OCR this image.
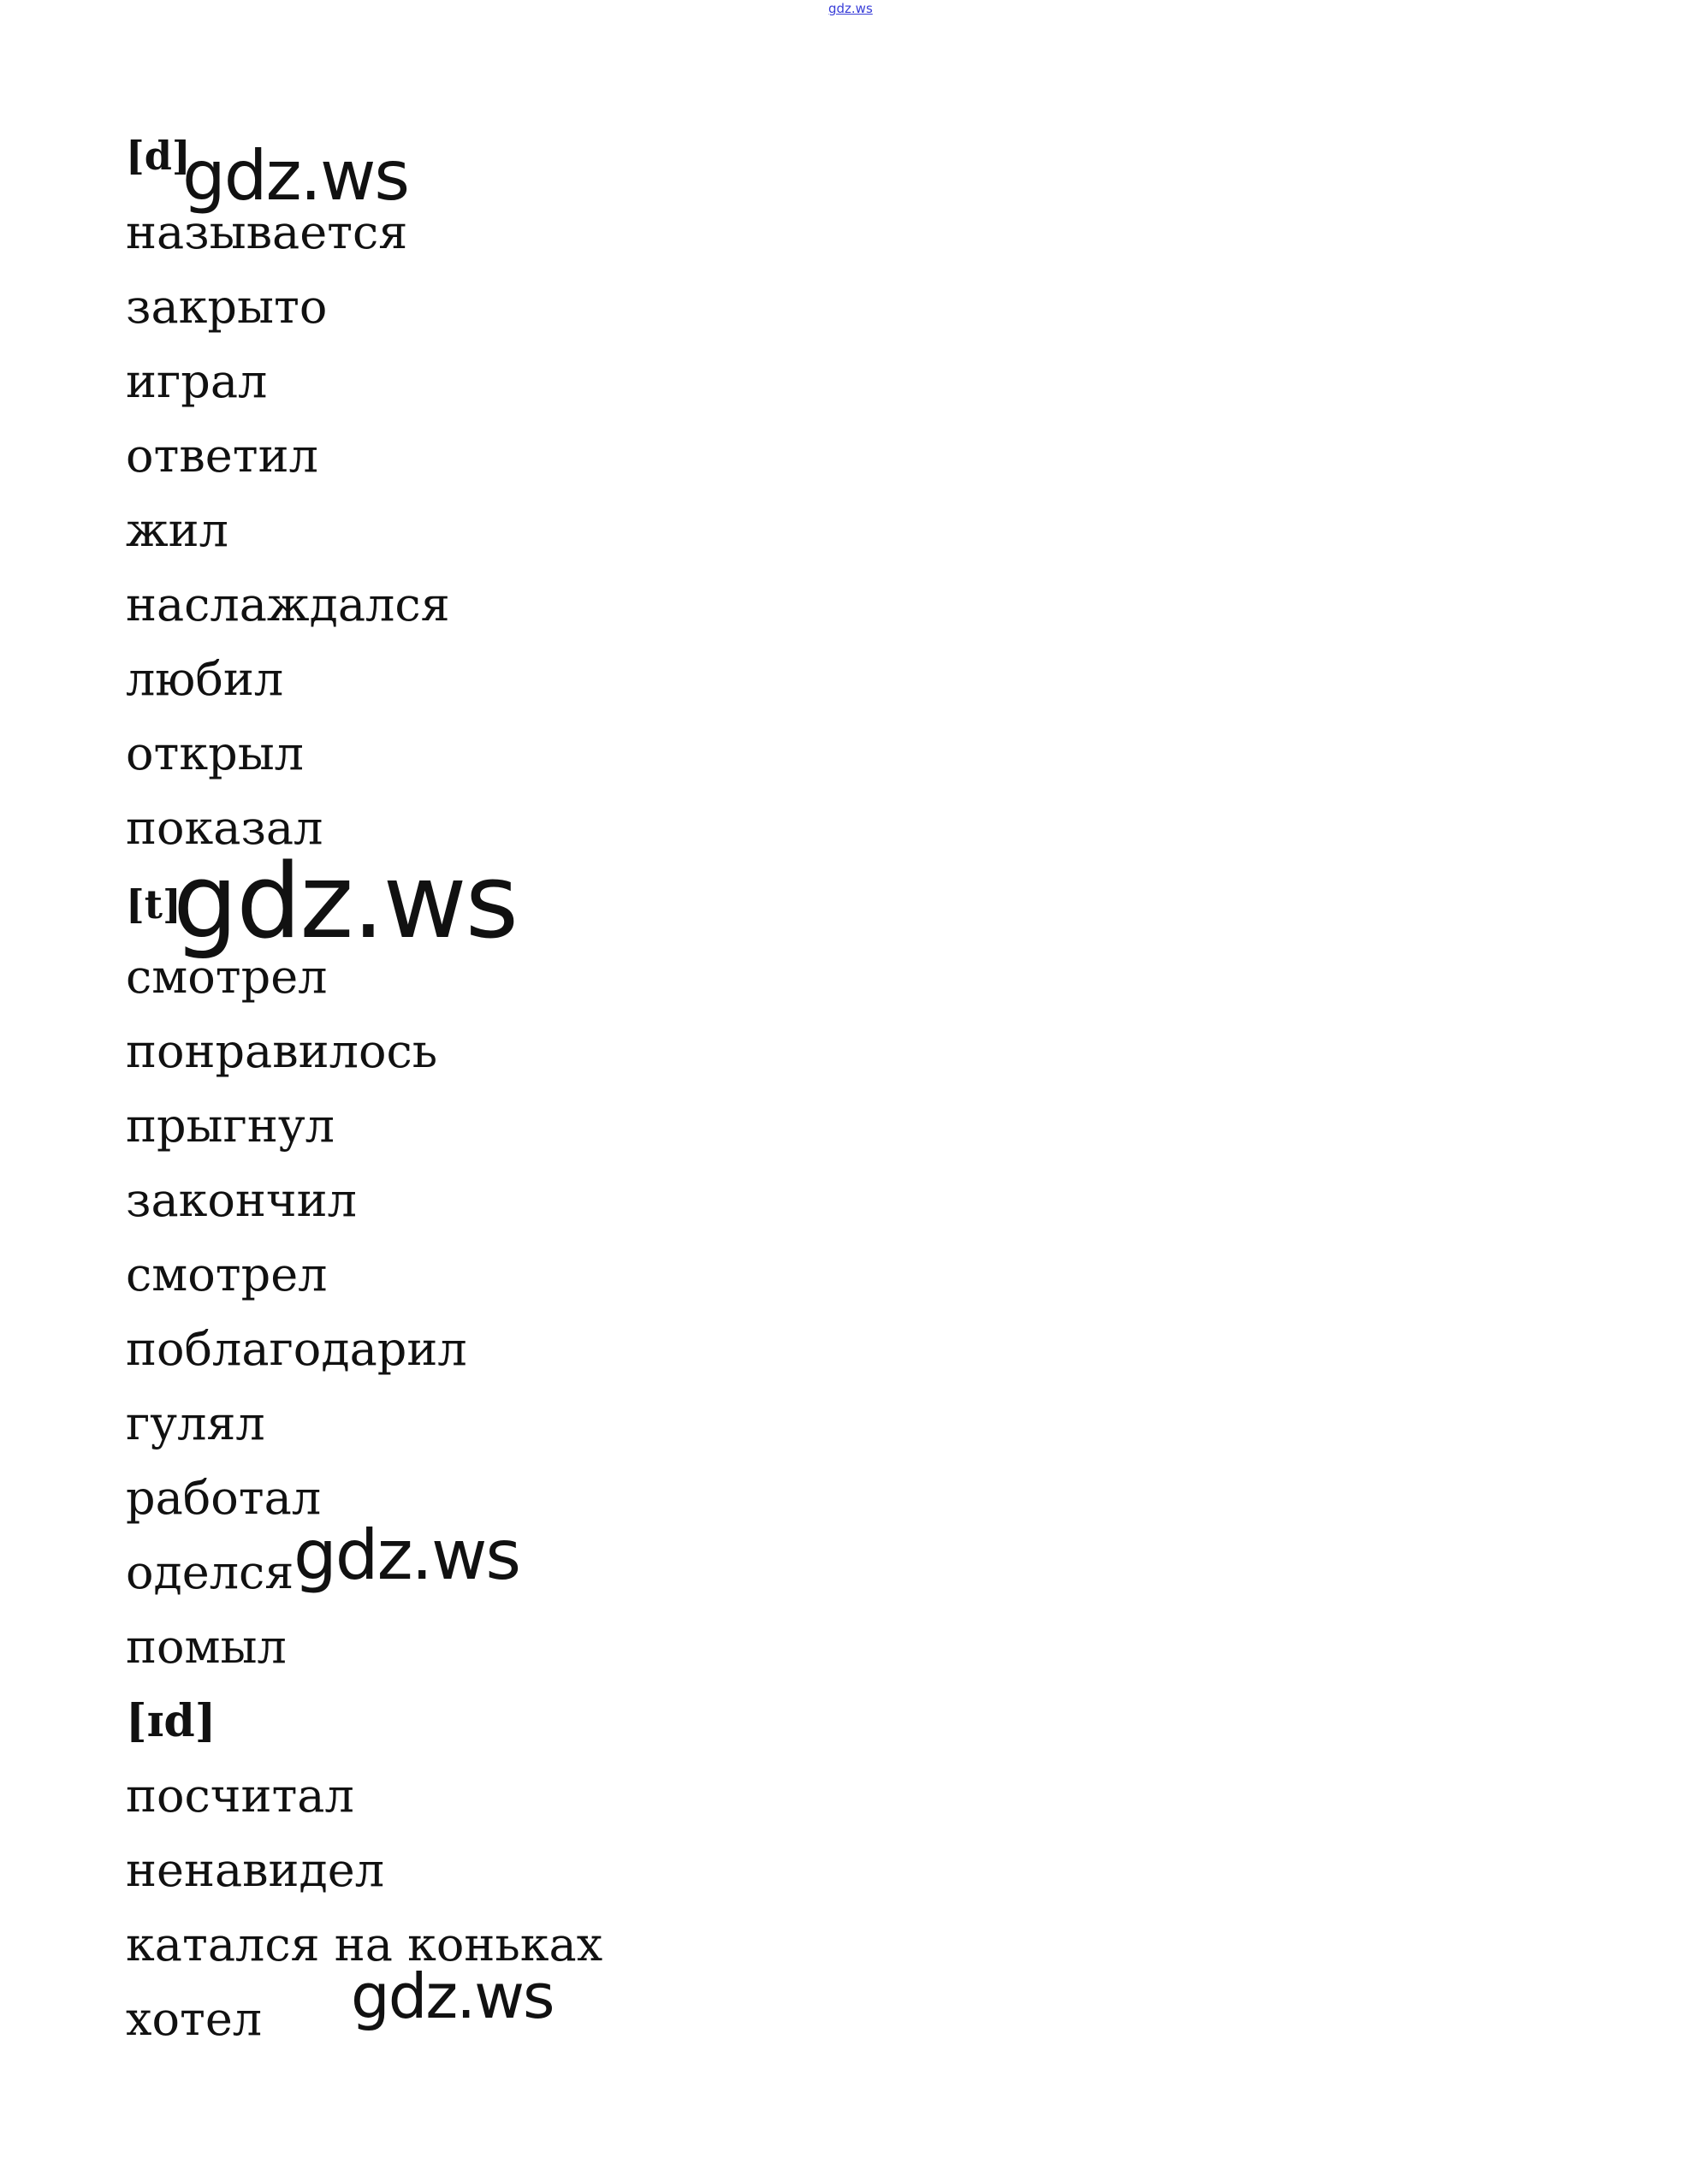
gdz.ws
[d]
называется
закрыто
играл
ответил
жил
наслаждался
любил
открыл
показал
[t]
смотрел
понравилось
прыгнул
закончил
смотрел
поблагодарил
гулял
работал
оделся
помыл
[ɪd]
посчитал
ненавидел
катался на коньках
хотел
gdz.ws
gdz.ws
gdz.ws
gdz.ws
